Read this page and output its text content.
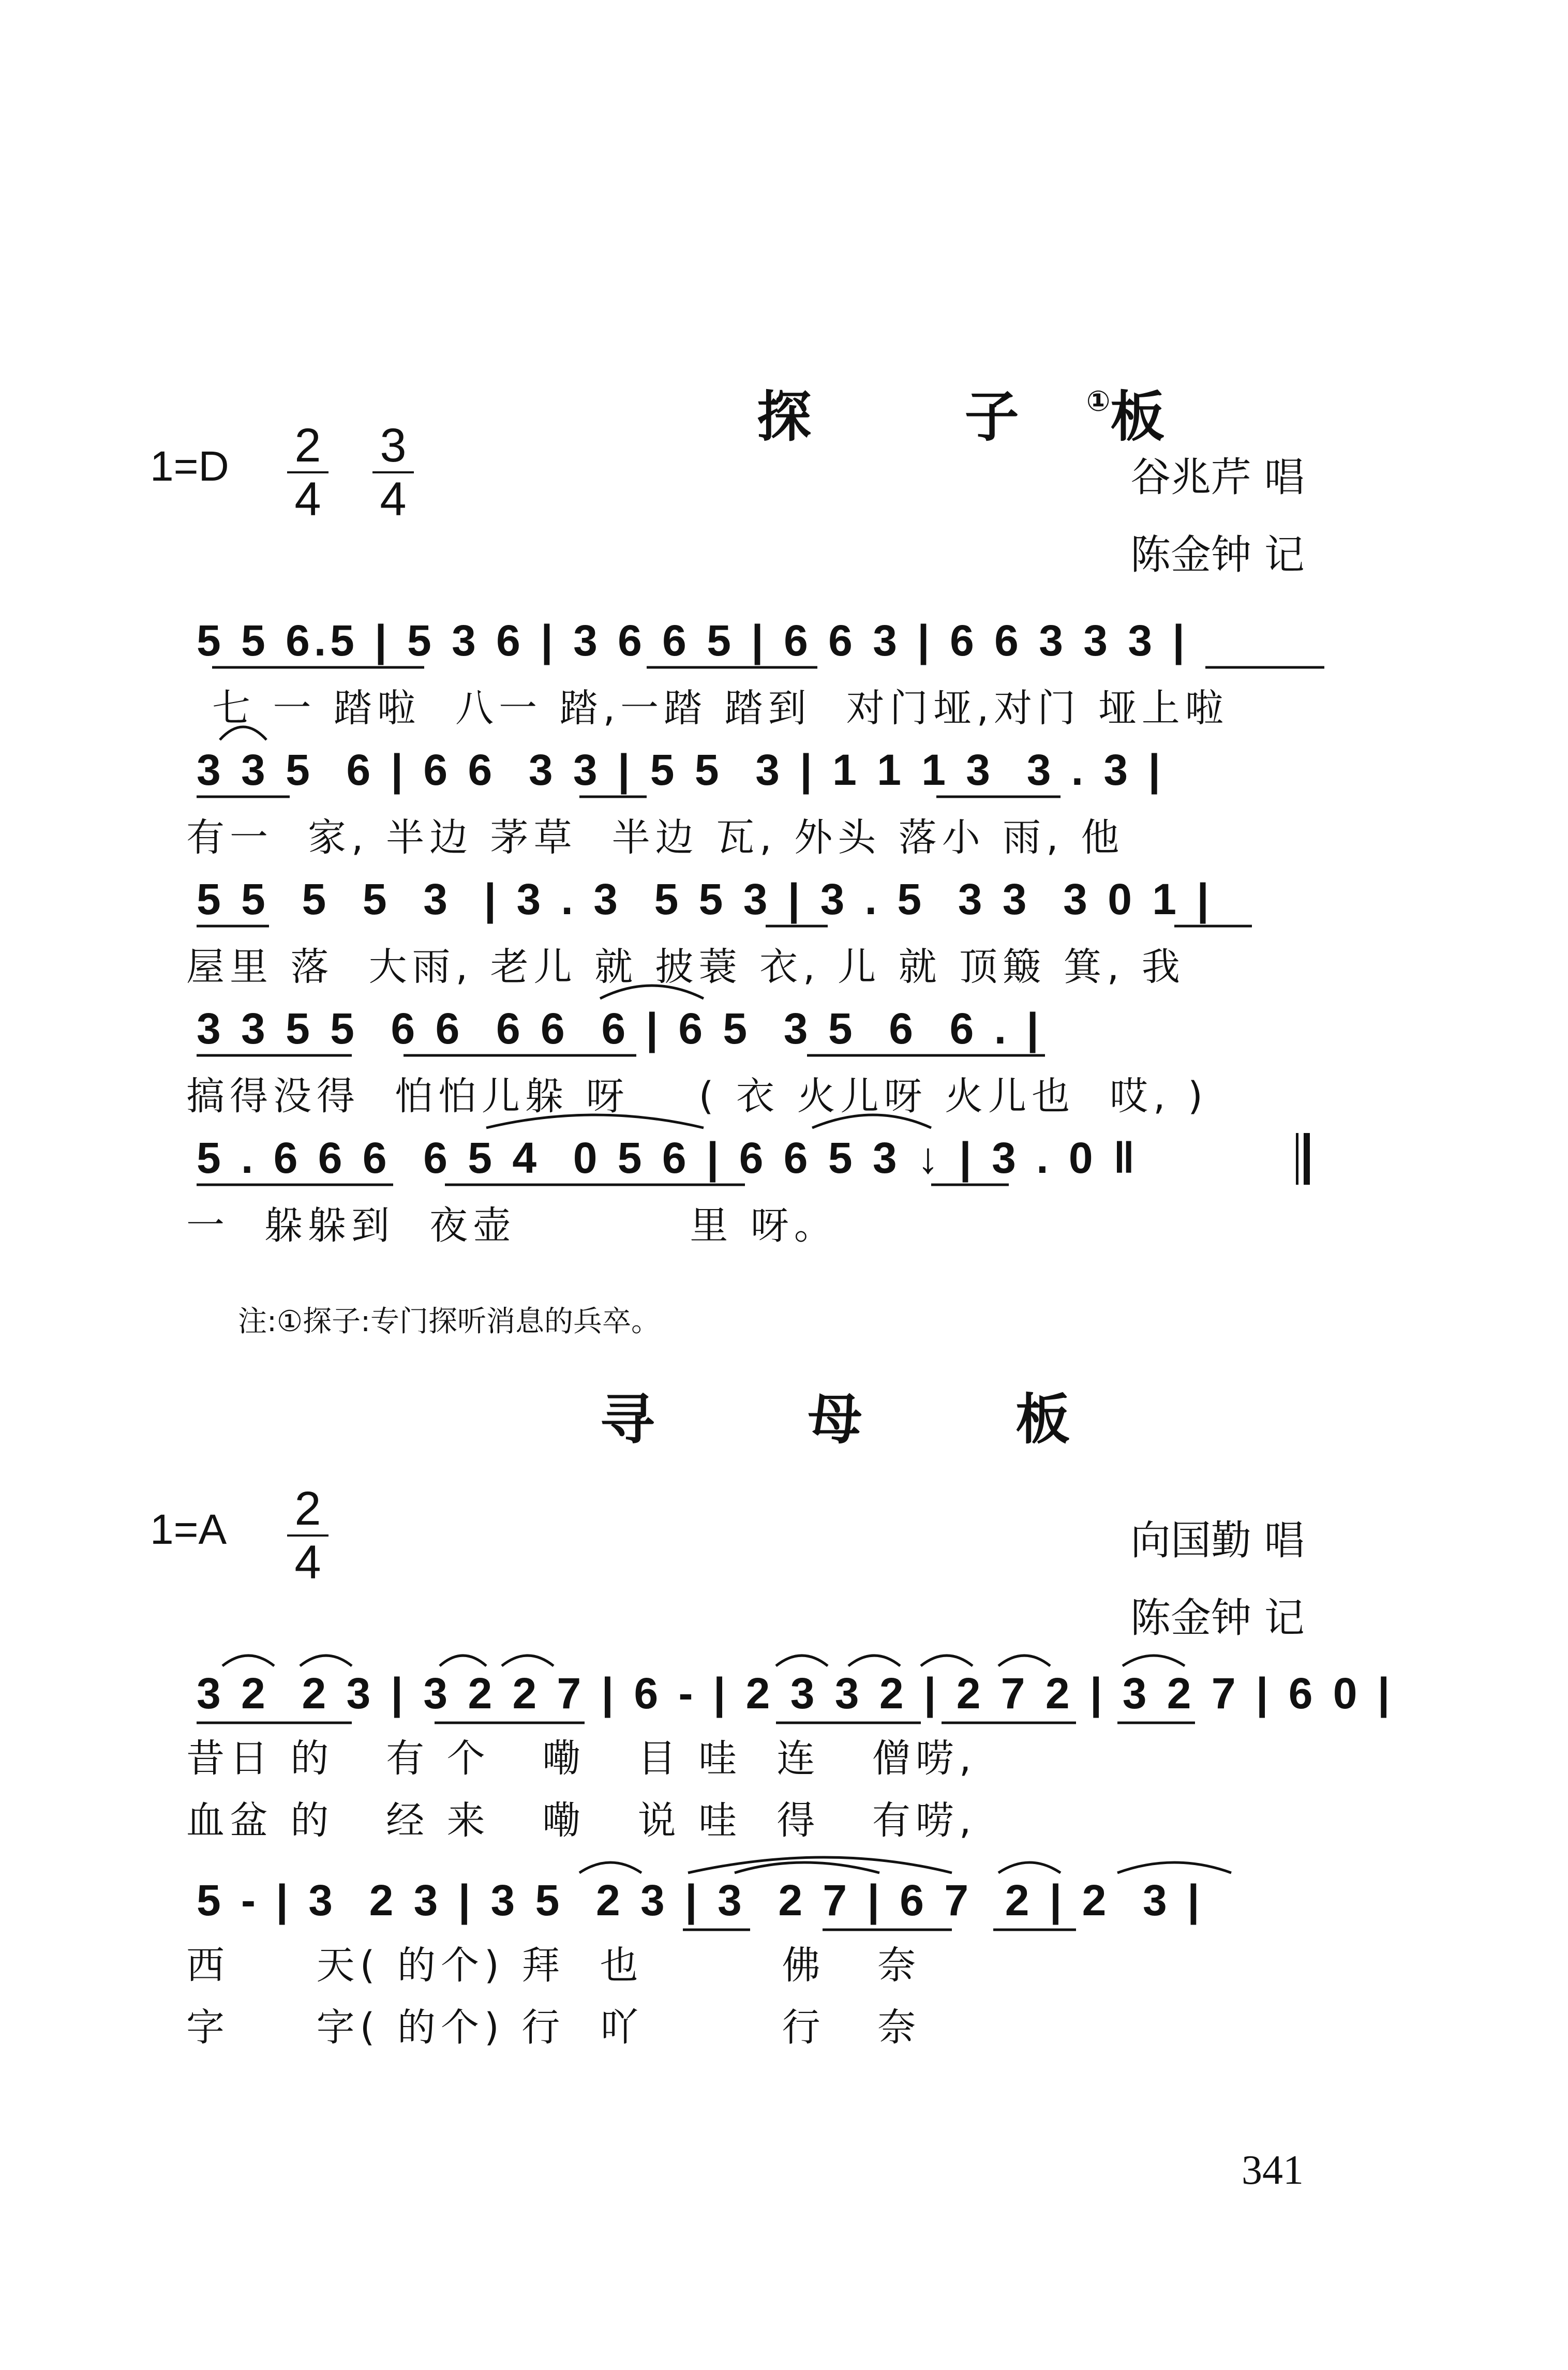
探 子①板

1=D 2
4
3
4	谷兆芹 唱
陈金钟 记
5 5 6.5 | 5 3 6 | 3 6 6 5 | 6 6 3 | 6 6 3 3 3 |
七 一 踏啦  八一 踏,一踏 踏到  对门垭,对门 垭上啦
3 3 5  6 | 6 6  3 3 | 5 5  3 | 1 1 1 3  3 . 3 |
有一  家, 半边 茅草  半边 瓦, 外头 落小 雨, 他
5 5  5  5  3  | 3 . 3  5 5 3 | 3 . 5  3 3  3 0 1 |
屋里 落  大雨, 老儿 就 披蓑 衣, 儿 就 顶簸 箕, 我
3 3 5 5  6 6  6 6  6 | 6 5  3 5  6  6 . |
搞得没得  怕怕儿躲 呀    ( 衣 火儿呀 火儿也  哎, )
5 . 6 6 6  6 5 4  0 5 6 | 6 6 5 3 ↓ | 3 . 0 ‖
一  躲躲到  夜壶          里 呀。
注:①探子:专门探听消息的兵卒。
寻 母 板
1=A 2
4	向国勤 唱
陈金钟 记
3 2  2 3 | 3 2 2 7 | 6 - | 2 3 3 2 | 2 7 2 | 3 2 7 | 6 0 |
昔日 的   有 个   嘞   目 哇  连   僧唠,
血盆 的   经 来   嘞   说 哇  得   有唠,
5 - | 3  2 3 | 3 5  2 3 | 3  2 7 | 6 7  2 | 2  3 |
西     天( 的个) 拜  也        佛   奈
字     字( 的个) 行  吖        行   奈
341
